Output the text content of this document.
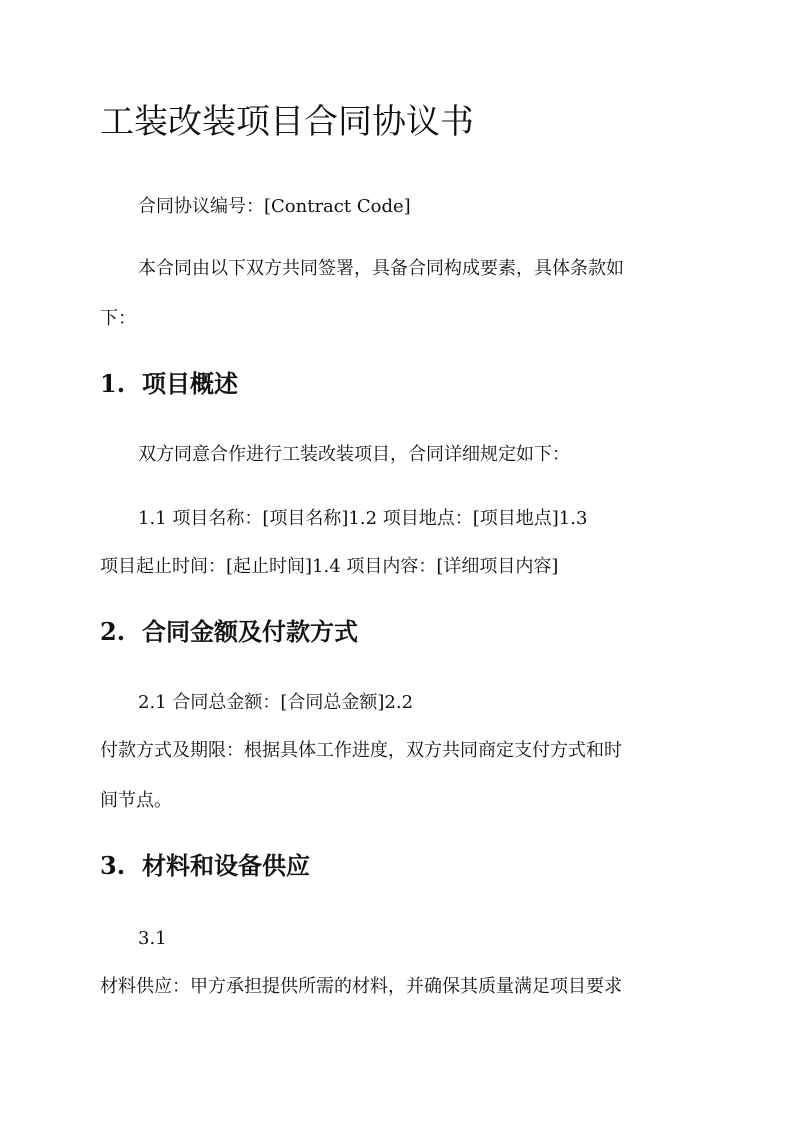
工装改装项目合同协议书

合同协议编号：[Contract Code]

本合同由以下双方共同签署，具备合同构成要素，具体条款如

下：

1. 项目概述

双方同意合作进行工装改装项目，合同详细规定如下：

1.1 项目名称：[项目名称]1.2 项目地点：[项目地点]1.3

项目起止时间：[起止时间]1.4 项目内容：[详细项目内容]

2. 合同金额及付款方式

2.1 合同总金额：[合同总金额]2.2

付款方式及期限：根据具体工作进度，双方共同商定支付方式和时

间节点。

3. 材料和设备供应

3.1

材料供应：甲方承担提供所需的材料，并确保其质量满足项目要求
